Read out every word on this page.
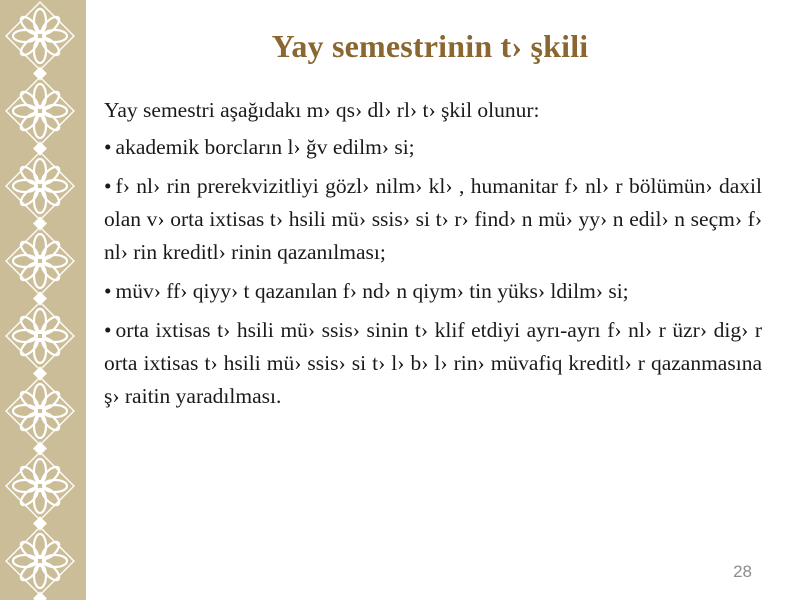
Yay semestrinin t› şkili

Yay semestri aşağıdakı m› qs› dl› rl› t› şkil olunur:

• akademik borcların l› ğv edilm› si;

• f› nl› rin prerekvizitliyi gözl› nilm› kl› , humanitar f› nl› r bölümün› daxil olan v› orta ixtisas t› hsili mü› ssis› si t› r› find› n mü› yy› n edil› n seçm› f› nl› rin kreditl› rinin qazanılması;

• müv› ff› qiyy› t qazanılan f› nd› n qiym› tin yüks› ldilm› si;

• orta ixtisas t› hsili mü› ssis› sinin t› klif etdiyi ayrı-ayrı f› nl› r üzr› dig› r orta ixtisas t› hsili mü› ssis› si t› l› b› l› rin› müvafiq kreditl› r qazanmasına ş› raitin yaradılması.

28
